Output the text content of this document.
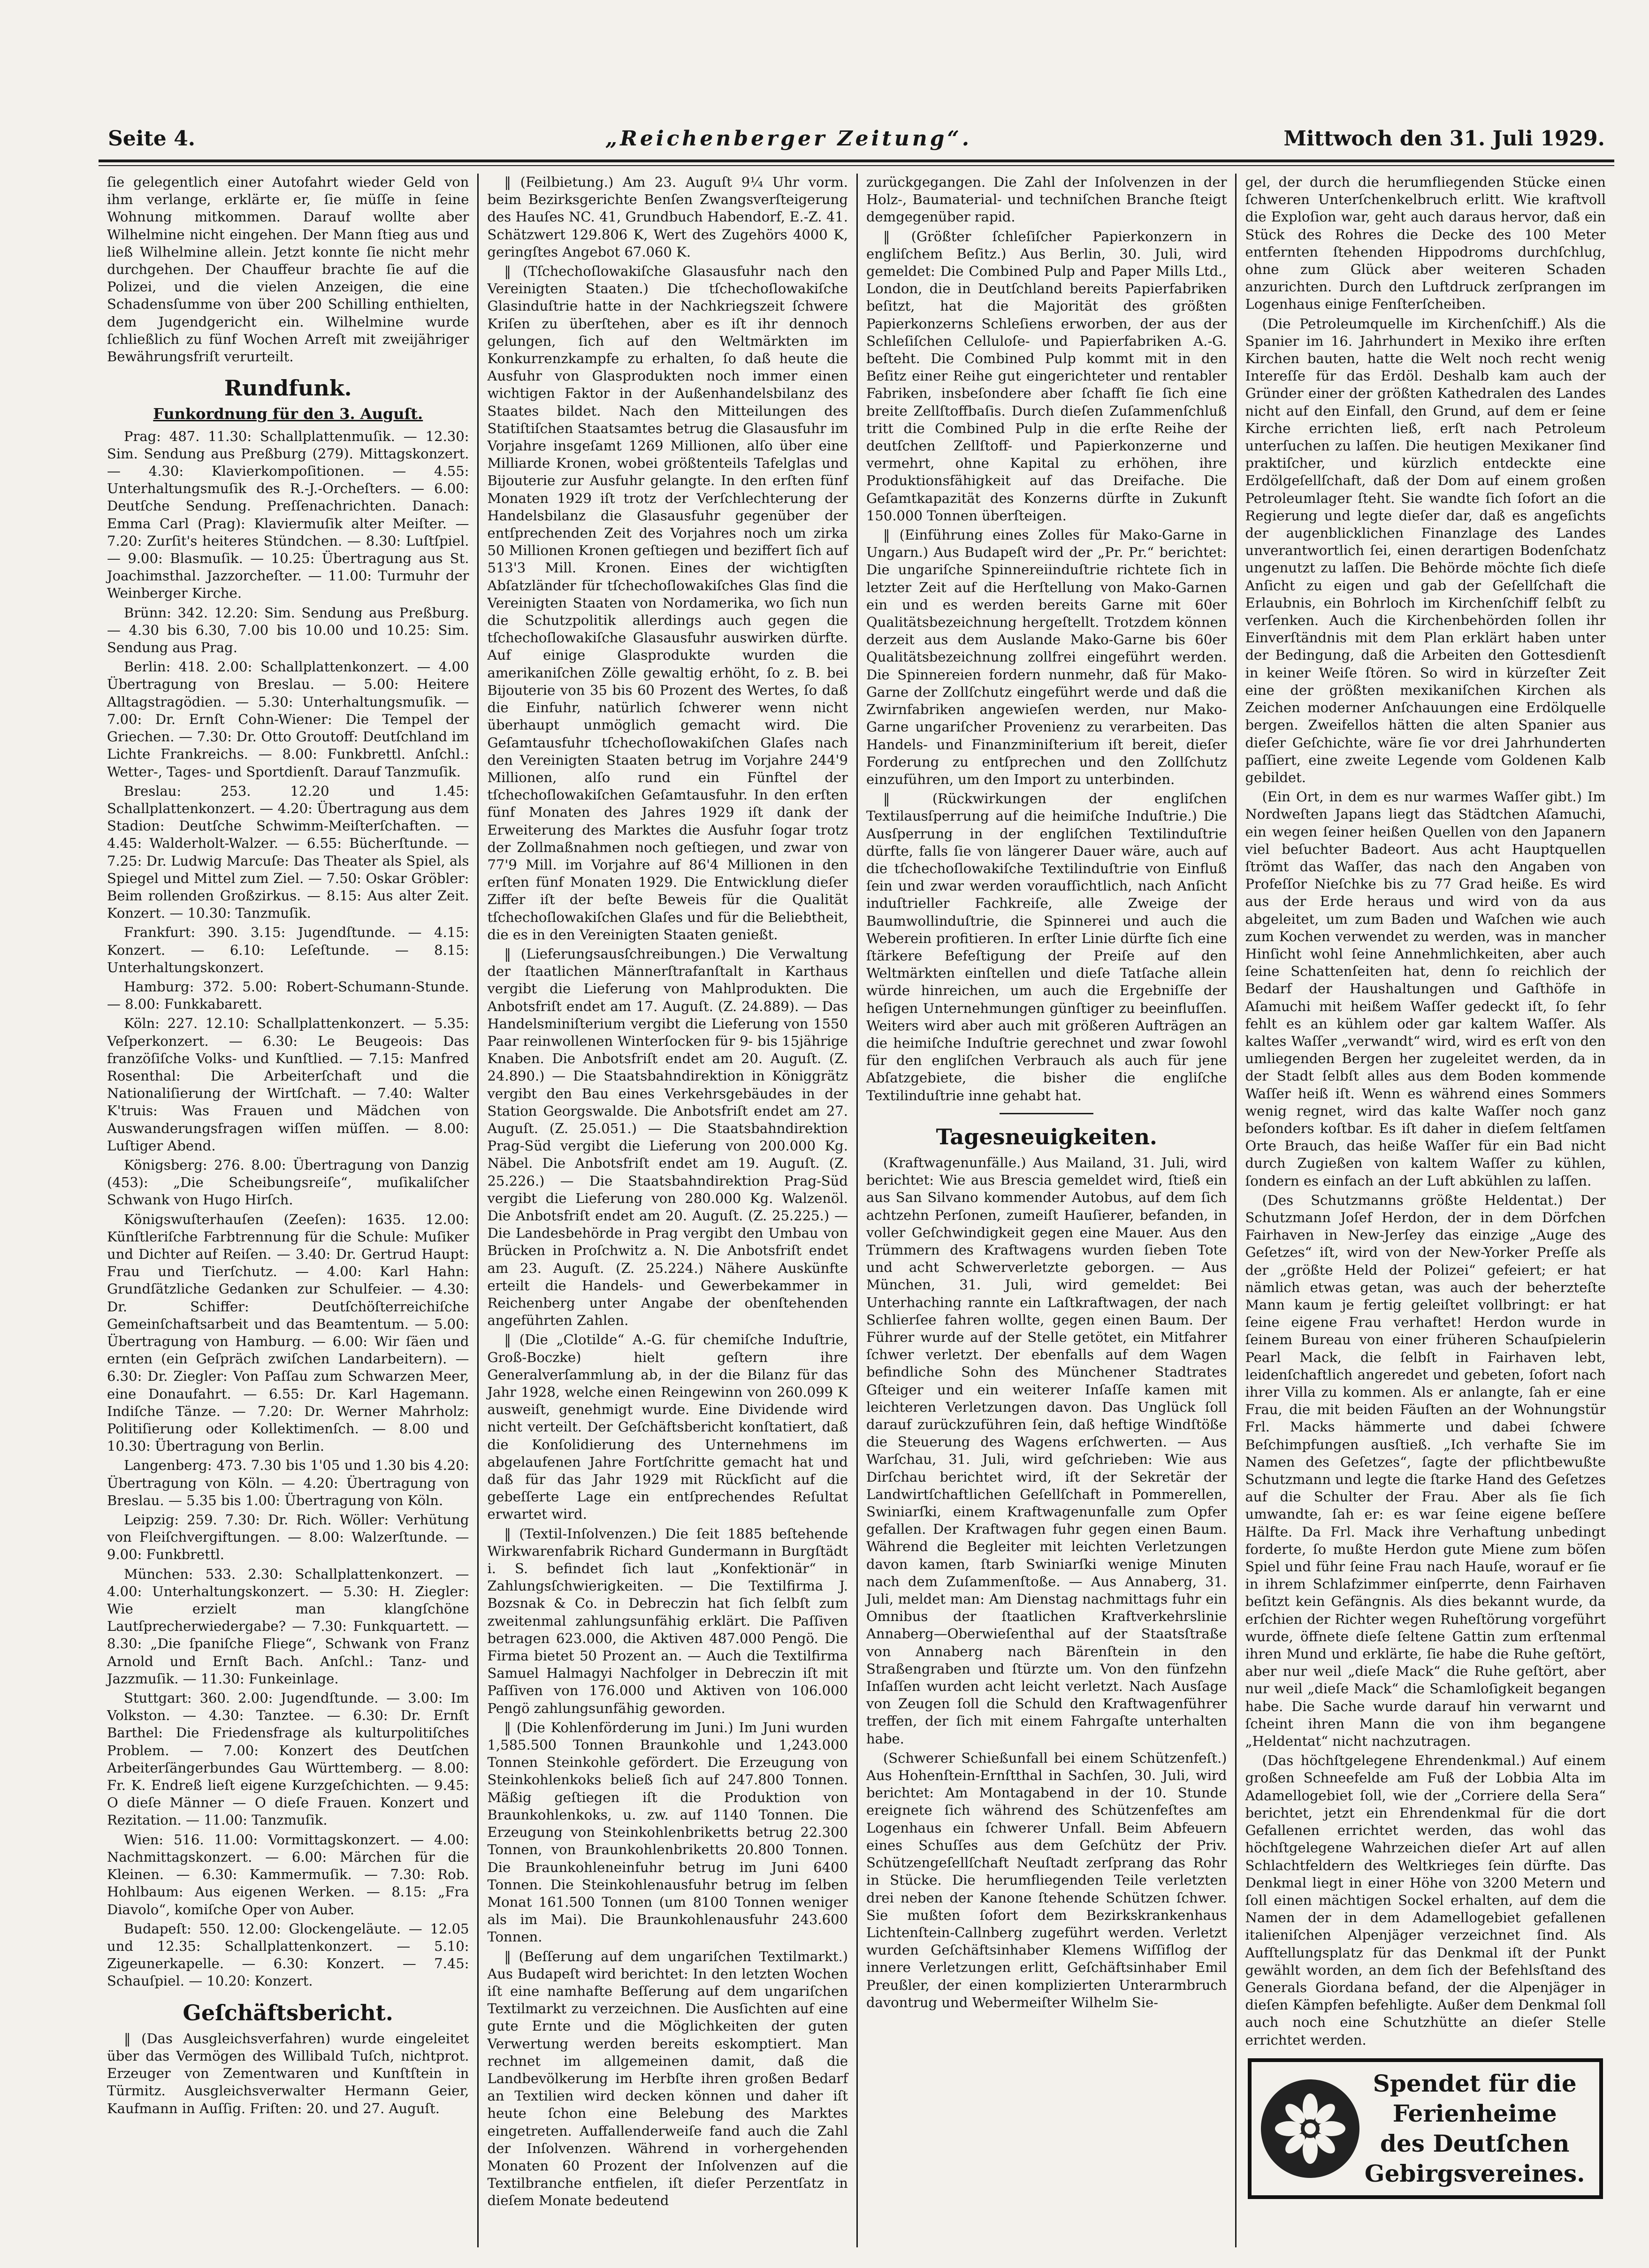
Seite 4.	„Reichenberger Zeitung“.	Mittwoch den 31. Juli 1929.

ſie gelegentlich einer Autofahrt wieder Geld von ihm verlange, erklärte er, ſie müſſe in ſeine Wohnung mitkommen. Darauf wollte aber Wilhelmine nicht eingehen. Der Mann ſtieg aus und ließ Wilhelmine allein. Jetzt konnte ſie nicht mehr durchgehen. Der Chauffeur brachte ſie auf die Polizei, und die vielen Anzeigen, die eine Schadensſumme von über 200 Schilling enthielten, dem Jugendgericht ein. Wilhelmine wurde ſchließlich zu fünf Wochen Arreſt mit zweijähriger Bewährungsfriſt verurteilt.

Rundfunk.
Funkordnung für den 3. Auguſt.

Prag: 487. 11.30: Schallplattenmuſik. — 12.30: Sim. Sendung aus Preßburg (279). Mittagskonzert. — 4.30: Klavierkompoſitionen. — 4.55: Unterhaltungsmuſik des R.-J.-Orcheſters. — 6.00: Deutſche Sendung. Preſſenachrichten. Danach: Emma Carl (Prag): Klaviermuſik alter Meiſter. — 7.20: Zurſit's heiteres Stündchen. — 8.30: Luſtſpiel. — 9.00: Blasmuſik. — 10.25: Übertragung aus St. Joachimsthal. Jazzorcheſter. — 11.00: Turmuhr der Weinberger Kirche.

Brünn: 342. 12.20: Sim. Sendung aus Preßburg. — 4.30 bis 6.30, 7.00 bis 10.00 und 10.25: Sim. Sendung aus Prag.

Berlin: 418. 2.00: Schallplattenkonzert. — 4.00 Übertragung von Breslau. — 5.00: Heitere Alltagstragödien. — 5.30: Unterhaltungsmuſik. — 7.00: Dr. Ernſt Cohn-Wiener: Die Tempel der Griechen. — 7.30: Dr. Otto Groutoff: Deutſchland im Lichte Frankreichs. — 8.00: Funkbrettl. Anſchl.: Wetter-, Tages- und Sportdienſt. Darauf Tanzmuſik.

Breslau: 253. 12.20 und 1.45: Schallplattenkonzert. — 4.20: Übertragung aus dem Stadion: Deutſche Schwimm-Meiſterſchaften. — 4.45: Walderholt-Walzer. — 6.55: Bücherſtunde. — 7.25: Dr. Ludwig Marcuſe: Das Theater als Spiel, als Spiegel und Mittel zum Ziel. — 7.50: Oskar Gröbler: Beim rollenden Großzirkus. — 8.15: Aus alter Zeit. Konzert. — 10.30: Tanzmuſik.

Frankfurt: 390. 3.15: Jugendſtunde. — 4.15: Konzert. — 6.10: Leſeſtunde. — 8.15: Unterhaltungskonzert.

Hamburg: 372. 5.00: Robert-Schumann-Stunde. — 8.00: Funkkabarett.

Köln: 227. 12.10: Schallplattenkonzert. — 5.35: Veſperkonzert. — 6.30: Le Beugeois: Das franzöſiſche Volks- und Kunſtlied. — 7.15: Manfred Rosenthal: Die Arbeiterſchaft und die Nationaliſierung der Wirtſchaft. — 7.40: Walter K'truis: Was Frauen und Mädchen von Auswanderungsfragen wiſſen müſſen. — 8.00: Luſtiger Abend.

Königsberg: 276. 8.00: Übertragung von Danzig (453): „Die Scheibungsreiſe“, muſikaliſcher Schwank von Hugo Hirſch.

Königswuſterhauſen (Zeeſen): 1635. 12.00: Künſtleriſche Farbtrennung für die Schule: Muſiker und Dichter auf Reiſen. — 3.40: Dr. Gertrud Haupt: Frau und Tierſchutz. — 4.00: Karl Hahn: Grundſätzliche Gedanken zur Schulfeier. — 4.30: Dr. Schiffer: Deutſchöſterreichiſche Gemeinſchaftsarbeit und das Beamtentum. — 5.00: Übertragung von Hamburg. — 6.00: Wir ſäen und ernten (ein Geſpräch zwiſchen Landarbeitern). — 6.30: Dr. Ziegler: Von Paſſau zum Schwarzen Meer, eine Donaufahrt. — 6.55: Dr. Karl Hagemann. Indiſche Tänze. — 7.20: Dr. Werner Mahrholz: Politiſierung oder Kollektimenſch. — 8.00 und 10.30: Übertragung von Berlin.

Langenberg: 473. 7.30 bis 1'05 und 1.30 bis 4.20: Übertragung von Köln. — 4.20: Übertragung von Breslau. — 5.35 bis 1.00: Übertragung von Köln.

Leipzig: 259. 7.30: Dr. Rich. Wöller: Verhütung von Fleiſchvergiftungen. — 8.00: Walzerſtunde. — 9.00: Funkbrettl.

München: 533. 2.30: Schallplattenkonzert. — 4.00: Unterhaltungskonzert. — 5.30: H. Ziegler: Wie erzielt man klangſchöne Lautſprecherwiedergabe? — 7.30: Funkquartett. — 8.30: „Die ſpaniſche Fliege“, Schwank von Franz Arnold und Ernſt Bach. Anſchl.: Tanz- und Jazzmuſik. — 11.30: Funkeinlage.

Stuttgart: 360. 2.00: Jugendſtunde. — 3.00: Im Volkston. — 4.30: Tanztee. — 6.30: Dr. Ernſt Barthel: Die Friedensfrage als kulturpolitiſches Problem. — 7.00: Konzert des Deutſchen Arbeiterſängerbundes Gau Württemberg. — 8.00: Fr. K. Endreß lieſt eigene Kurzgeſchichten. — 9.45: O dieſe Männer — O dieſe Frauen. Konzert und Rezitation. — 11.00: Tanzmuſik.

Wien: 516. 11.00: Vormittagskonzert. — 4.00: Nachmittagskonzert. — 6.00: Märchen für die Kleinen. — 6.30: Kammermuſik. — 7.30: Rob. Hohlbaum: Aus eigenen Werken. — 8.15: „Fra Diavolo“, komiſche Oper von Auber.

Budapeſt: 550. 12.00: Glockengeläute. — 12.05 und 12.35: Schallplattenkonzert. — 5.10: Zigeunerkapelle. — 6.30: Konzert. — 7.45: Schauſpiel. — 10.20: Konzert.

Geſchäftsbericht.

‖ (Das Ausgleichsverfahren) wurde eingeleitet über das Vermögen des Willibald Tuſch, nichtprot. Erzeuger von Zementwaren und Kunſtſtein in Türmitz. Ausgleichsverwalter Hermann Geier, Kaufmann in Auſſig. Friſten: 20. und 27. Auguſt.

‖ (Feilbietung.) Am 23. Auguſt 9¼ Uhr vorm. beim Bezirksgerichte Benſen Zwangsverſteigerung des Hauſes NC. 41, Grundbuch Habendorf, E.-Z. 41. Schätzwert 129.806 K, Wert des Zugehörs 4000 K, geringſtes Angebot 67.060 K.

‖ (Tſchechoſlowakiſche Glasausfuhr nach den Vereinigten Staaten.) Die tſchechoſlowakiſche Glasinduſtrie hatte in der Nachkriegszeit ſchwere Kriſen zu überſtehen, aber es iſt ihr dennoch gelungen, ſich auf den Weltmärkten im Konkurrenzkampfe zu erhalten, ſo daß heute die Ausfuhr von Glasprodukten noch immer einen wichtigen Faktor in der Außenhandelsbilanz des Staates bildet. Nach den Mitteilungen des Statiſtiſchen Staatsamtes betrug die Glasausfuhr im Vorjahre insgeſamt 1269 Millionen, alſo über eine Milliarde Kronen, wobei größtenteils Tafelglas und Bijouterie zur Ausfuhr gelangte. In den erſten fünf Monaten 1929 iſt trotz der Verſchlechterung der Handelsbilanz die Glasausfuhr gegenüber der entſprechenden Zeit des Vorjahres noch um zirka 50 Millionen Kronen geſtiegen und beziffert ſich auf 513'3 Mill. Kronen. Eines der wichtigſten Abſatzländer für tſchechoſlowakiſches Glas ſind die Vereinigten Staaten von Nordamerika, wo ſich nun die Schutzpolitik allerdings auch gegen die tſchechoſlowakiſche Glasausfuhr auswirken dürfte. Auf einige Glasprodukte wurden die amerikaniſchen Zölle gewaltig erhöht, ſo z. B. bei Bijouterie von 35 bis 60 Prozent des Wertes, ſo daß die Einfuhr, natürlich ſchwerer wenn nicht überhaupt unmöglich gemacht wird. Die Geſamtausfuhr tſchechoſlowakiſchen Glaſes nach den Vereinigten Staaten betrug im Vorjahre 244'9 Millionen, alſo rund ein Fünftel der tſchechoſlowakiſchen Geſamtausfuhr. In den erſten fünf Monaten des Jahres 1929 iſt dank der Erweiterung des Marktes die Ausfuhr ſogar trotz der Zollmaßnahmen noch geſtiegen, und zwar von 77'9 Mill. im Vorjahre auf 86'4 Millionen in den erſten fünf Monaten 1929. Die Entwicklung dieſer Ziffer iſt der beſte Beweis für die Qualität tſchechoſlowakiſchen Glaſes und für die Beliebtheit, die es in den Vereinigten Staaten genießt.

‖ (Lieferungsausſchreibungen.) Die Verwaltung der ſtaatlichen Männerſtrafanſtalt in Karthaus vergibt die Lieferung von Mahlprodukten. Die Anbotsfriſt endet am 17. Auguſt. (Z. 24.889). — Das Handelsminiſterium vergibt die Lieferung von 1550 Paar reinwollenen Winterſocken für 9- bis 15jährige Knaben. Die Anbotsfriſt endet am 20. Auguſt. (Z. 24.890.) — Die Staatsbahndirektion in Königgrätz vergibt den Bau eines Verkehrsgebäudes in der Station Georgswalde. Die Anbotsfriſt endet am 27. Auguſt. (Z. 25.051.) — Die Staatsbahndirektion Prag-Süd vergibt die Lieferung von 200.000 Kg. Näbel. Die Anbotsfriſt endet am 19. Auguſt. (Z. 25.226.) — Die Staatsbahndirektion Prag-Süd vergibt die Lieferung von 280.000 Kg. Walzenöl. Die Anbotsfriſt endet am 20. Auguſt. (Z. 25.225.) — Die Landesbehörde in Prag vergibt den Umbau von Brücken in Proſchwitz a. N. Die Anbotsfriſt endet am 23. Auguſt. (Z. 25.224.) Nähere Auskünfte erteilt die Handels- und Gewerbekammer in Reichenberg unter Angabe der obenſtehenden angeführten Zahlen.

‖ (Die „Clotilde“ A.-G. für chemiſche Induſtrie, Groß-Boczke) hielt geſtern ihre Generalverſammlung ab, in der die Bilanz für das Jahr 1928, welche einen Reingewinn von 260.099 K ausweiſt, genehmigt wurde. Eine Dividende wird nicht verteilt. Der Geſchäftsbericht konſtatiert, daß die Konſolidierung des Unternehmens im abgelaufenen Jahre Fortſchritte gemacht hat und daß für das Jahr 1929 mit Rückſicht auf die gebeſſerte Lage ein entſprechendes Reſultat erwartet wird.

‖ (Textil-Inſolvenzen.) Die ſeit 1885 beſtehende Wirkwarenfabrik Richard Gundermann in Burgſtädt i. S. befindet ſich laut „Konfektionär“ in Zahlungsſchwierigkeiten. — Die Textilfirma J. Bozsnak & Co. in Debreczin hat ſich ſelbſt zum zweitenmal zahlungsunfähig erklärt. Die Paſſiven betragen 623.000, die Aktiven 487.000 Pengö. Die Firma bietet 50 Prozent an. — Auch die Textilfirma Samuel Halmagyi Nachfolger in Debreczin iſt mit Paſſiven von 176.000 und Aktiven von 106.000 Pengö zahlungsunfähig geworden.

‖ (Die Kohlenförderung im Juni.) Im Juni wurden 1,585.500 Tonnen Braunkohle und 1,243.000 Tonnen Steinkohle gefördert. Die Erzeugung von Steinkohlenkoks beließ ſich auf 247.800 Tonnen. Mäßig geſtiegen iſt die Produktion von Braunkohlenkoks, u. zw. auf 1140 Tonnen. Die Erzeugung von Steinkohlenbriketts betrug 22.300 Tonnen, von Braunkohlenbriketts 20.800 Tonnen. Die Braunkohleneinfuhr betrug im Juni 6400 Tonnen. Die Steinkohlenausfuhr betrug im ſelben Monat 161.500 Tonnen (um 8100 Tonnen weniger als im Mai). Die Braunkohlenausfuhr 243.600 Tonnen.

‖ (Beſſerung auf dem ungariſchen Textilmarkt.) Aus Budapeſt wird berichtet: In den letzten Wochen iſt eine namhafte Beſſerung auf dem ungariſchen Textilmarkt zu verzeichnen. Die Ausſichten auf eine gute Ernte und die Möglichkeiten der guten Verwertung werden bereits eskomptiert. Man rechnet im allgemeinen damit, daß die Landbevölkerung im Herbſte ihren großen Bedarf an Textilien wird decken können und daher iſt heute ſchon eine Belebung des Marktes eingetreten. Auffallenderweiſe fand auch die Zahl der Inſolvenzen. Während in vorhergehenden Monaten 60 Prozent der Inſolvenzen auf die Textilbranche entfielen, iſt dieſer Perzentſatz in dieſem Monate bedeutend

zurückgegangen. Die Zahl der Inſolvenzen in der Holz-, Baumaterial- und techniſchen Branche ſteigt demgegenüber rapid.

‖ (Größter ſchleſiſcher Papierkonzern in engliſchem Beſitz.) Aus Berlin, 30. Juli, wird gemeldet: Die Combined Pulp and Paper Mills Ltd., London, die in Deutſchland bereits Papierfabriken beſitzt, hat die Majorität des größten Papierkonzerns Schleſiens erworben, der aus der Schleſiſchen Celluloſe- und Papierfabriken A.-G. beſteht. Die Combined Pulp kommt mit in den Beſitz einer Reihe gut eingerichteter und rentabler Fabriken, insbeſondere aber ſchafft ſie ſich eine breite Zellſtoffbaſis. Durch dieſen Zuſammenſchluß tritt die Combined Pulp in die erſte Reihe der deutſchen Zellſtoff- und Papierkonzerne und vermehrt, ohne Kapital zu erhöhen, ihre Produktionsfähigkeit auf das Dreifache. Die Geſamtkapazität des Konzerns dürfte in Zukunft 150.000 Tonnen überſteigen.

‖ (Einführung eines Zolles für Mako-Garne in Ungarn.) Aus Budapeſt wird der „Pr. Pr.“ berichtet: Die ungariſche Spinnereiinduſtrie richtete ſich in letzter Zeit auf die Herſtellung von Mako-Garnen ein und es werden bereits Garne mit 60er Qualitätsbezeichnung hergeſtellt. Trotzdem können derzeit aus dem Auslande Mako-Garne bis 60er Qualitätsbezeichnung zollfrei eingeführt werden. Die Spinnereien fordern nunmehr, daß für Mako-Garne der Zollſchutz eingeführt werde und daß die Zwirnfabriken angewieſen werden, nur Mako-Garne ungariſcher Provenienz zu verarbeiten. Das Handels- und Finanzminiſterium iſt bereit, dieſer Forderung zu entſprechen und den Zollſchutz einzuführen, um den Import zu unterbinden.

‖ (Rückwirkungen der engliſchen Textilausſperrung auf die heimiſche Induſtrie.) Die Ausſperrung in der engliſchen Textilinduſtrie dürfte, falls ſie von längerer Dauer wäre, auch auf die tſchechoſlowakiſche Textilinduſtrie von Einfluß ſein und zwar werden voraufſichtlich, nach Anſicht induſtrieller Fachkreiſe, alle Zweige der Baumwollinduſtrie, die Spinnerei und auch die Weberein profitieren. In erſter Linie dürfte ſich eine ſtärkere Befeſtigung der Preiſe auf den Weltmärkten einſtellen und dieſe Tatſache allein würde hinreichen, um auch die Ergebniſſe der heſigen Unternehmungen günſtiger zu beeinfluſſen. Weiters wird aber auch mit größeren Aufträgen an die heimiſche Induſtrie gerechnet und zwar ſowohl für den engliſchen Verbrauch als auch für jene Abſatzgebiete, die bisher die engliſche Textilinduſtrie inne gehabt hat.

Tagesneuigkeiten.

(Kraftwagenunfälle.) Aus Mailand, 31. Juli, wird berichtet: Wie aus Brescia gemeldet wird, ſtieß ein aus San Silvano kommender Autobus, auf dem ſich achtzehn Perſonen, zumeiſt Hauſierer, befanden, in voller Geſchwindigkeit gegen eine Mauer. Aus den Trümmern des Kraftwagens wurden ſieben Tote und acht Schwerverletzte geborgen. — Aus München, 31. Juli, wird gemeldet: Bei Unterhaching rannte ein Laſtkraftwagen, der nach Schlierſee fahren wollte, gegen einen Baum. Der Führer wurde auf der Stelle getötet, ein Mitfahrer ſchwer verletzt. Der ebenfalls auf dem Wagen befindliche Sohn des Münchener Stadtrates Gſteiger und ein weiterer Inſaſſe kamen mit leichteren Verletzungen davon. Das Unglück ſoll darauf zurückzuführen ſein, daß heftige Windſtöße die Steuerung des Wagens erſchwerten. — Aus Warſchau, 31. Juli, wird geſchrieben: Wie aus Dirſchau berichtet wird, iſt der Sekretär der Landwirtſchaftlichen Geſellſchaft in Pommerellen, Swiniarſki, einem Kraftwagenunfalle zum Opfer gefallen. Der Kraftwagen fuhr gegen einen Baum. Während die Begleiter mit leichten Verletzungen davon kamen, ſtarb Swiniarſki wenige Minuten nach dem Zuſammenſtoße. — Aus Annaberg, 31. Juli, meldet man: Am Dienstag nachmittags fuhr ein Omnibus der ſtaatlichen Kraftverkehrslinie Annaberg—Oberwieſenthal auf der Staatsſtraße von Annaberg nach Bärenſtein in den Straßengraben und ſtürzte um. Von den fünfzehn Inſaſſen wurden acht leicht verletzt. Nach Ausſage von Zeugen ſoll die Schuld den Kraftwagenführer treffen, der ſich mit einem Fahrgaſte unterhalten habe.

(Schwerer Schießunfall bei einem Schützenfeſt.) Aus Hohenſtein-Ernſtthal in Sachſen, 30. Juli, wird berichtet: Am Montagabend in der 10. Stunde ereignete ſich während des Schützenfeſtes am Logenhaus ein ſchwerer Unfall. Beim Abfeuern eines Schuſſes aus dem Geſchütz der Priv. Schützengeſellſchaft Neuſtadt zerſprang das Rohr in Stücke. Die herumfliegenden Teile verletzten drei neben der Kanone ſtehende Schützen ſchwer. Sie mußten ſofort dem Bezirkskrankenhaus Lichtenſtein-Callnberg zugeführt werden. Verletzt wurden Geſchäftsinhaber Klemens Wiſſiflog der innere Verletzungen erlitt, Geſchäftsinhaber Emil Preußler, der einen komplizierten Unterarmbruch davontrug und Webermeiſter Wilhelm Sie-

gel, der durch die herumfliegenden Stücke einen ſchweren Unterſchenkelbruch erlitt. Wie kraftvoll die Exploſion war, geht auch daraus hervor, daß ein Stück des Rohres die Decke des 100 Meter entfernten ſtehenden Hippodroms durchſchlug, ohne zum Glück aber weiteren Schaden anzurichten. Durch den Luftdruck zerſprangen im Logenhaus einige Fenſterſcheiben.

(Die Petroleumquelle im Kirchenſchiff.) Als die Spanier im 16. Jahrhundert in Mexiko ihre erſten Kirchen bauten, hatte die Welt noch recht wenig Intereſſe für das Erdöl. Deshalb kam auch der Gründer einer der größten Kathedralen des Landes nicht auf den Einfall, den Grund, auf dem er ſeine Kirche errichten ließ, erſt nach Petroleum unterſuchen zu laſſen. Die heutigen Mexikaner ſind praktiſcher, und kürzlich entdeckte eine Erdölgeſellſchaft, daß der Dom auf einem großen Petroleumlager ſteht. Sie wandte ſich ſofort an die Regierung und legte dieſer dar, daß es angeſichts der augenblicklichen Finanzlage des Landes unverantwortlich ſei, einen derartigen Bodenſchatz ungenutzt zu laſſen. Die Behörde möchte ſich dieſe Anſicht zu eigen und gab der Geſellſchaft die Erlaubnis, ein Bohrloch im Kirchenſchiff ſelbſt zu verſenken. Auch die Kirchenbehörden ſollen ihr Einverſtändnis mit dem Plan erklärt haben unter der Bedingung, daß die Arbeiten den Gottesdienſt in keiner Weiſe ſtören. So wird in kürzeſter Zeit eine der größten mexikaniſchen Kirchen als Zeichen moderner Anſchauungen eine Erdölquelle bergen. Zweifellos hätten die alten Spanier aus dieſer Geſchichte, wäre ſie vor drei Jahrhunderten paſſiert, eine zweite Legende vom Goldenen Kalb gebildet.

(Ein Ort, in dem es nur warmes Waſſer gibt.) Im Nordweſten Japans liegt das Städtchen Aſamuchi, ein wegen ſeiner heißen Quellen von den Japanern viel beſuchter Badeort. Aus acht Hauptquellen ſtrömt das Waſſer, das nach den Angaben von Profeſſor Nieſchke bis zu 77 Grad heiße. Es wird aus der Erde heraus und wird von da aus abgeleitet, um zum Baden und Waſchen wie auch zum Kochen verwendet zu werden, was in mancher Hinſicht wohl ſeine Annehmlichkeiten, aber auch ſeine Schattenſeiten hat, denn ſo reichlich der Bedarf der Haushaltungen und Gaſthöfe in Aſamuchi mit heißem Waſſer gedeckt iſt, ſo ſehr fehlt es an kühlem oder gar kaltem Waſſer. Als kaltes Waſſer „verwandt“ wird, wird es erſt von den umliegenden Bergen her zugeleitet werden, da in der Stadt ſelbſt alles aus dem Boden kommende Waſſer heiß iſt. Wenn es während eines Sommers wenig regnet, wird das kalte Waſſer noch ganz beſonders koſtbar. Es iſt daher in dieſem ſeltſamen Orte Brauch, das heiße Waſſer für ein Bad nicht durch Zugießen von kaltem Waſſer zu kühlen, ſondern es einfach an der Luft abkühlen zu laſſen.

(Des Schutzmanns größte Heldentat.) Der Schutzmann Joſef Herdon, der in dem Dörfchen Fairhaven in New-Jerſey das einzige „Auge des Geſetzes“ iſt, wird von der New-Yorker Preſſe als der „größte Held der Polizei“ gefeiert; er hat nämlich etwas getan, was auch der beherzteſte Mann kaum je fertig geleiſtet vollbringt: er hat ſeine eigene Frau verhaftet! Herdon wurde in ſeinem Bureau von einer früheren Schauſpielerin Pearl Mack, die ſelbſt in Fairhaven lebt, leidenſchaftlich angeredet und gebeten, ſofort nach ihrer Villa zu kommen. Als er anlangte, ſah er eine Frau, die mit beiden Fäuſten an der Wohnungstür Frl. Macks hämmerte und dabei ſchwere Beſchimpfungen ausſtieß. „Ich verhafte Sie im Namen des Geſetzes“, ſagte der pflichtbewußte Schutzmann und legte die ſtarke Hand des Geſetzes auf die Schulter der Frau. Aber als ſie ſich umwandte, ſah er: es war ſeine eigene beſſere Hälfte. Da Frl. Mack ihre Verhaftung unbedingt forderte, ſo mußte Herdon gute Miene zum böſen Spiel und führ ſeine Frau nach Hauſe, worauf er ſie in ihrem Schlafzimmer einſperrte, denn Fairhaven beſitzt kein Gefängnis. Als dies bekannt wurde, da erſchien der Richter wegen Ruheſtörung vorgeführt wurde, öffnete dieſe ſeltene Gattin zum erſtenmal ihren Mund und erklärte, ſie habe die Ruhe geſtört, aber nur weil „dieſe Mack“ die Ruhe geſtört, aber nur weil „dieſe Mack“ die Schamloſigkeit begangen habe. Die Sache wurde darauf hin verwarnt und ſcheint ihren Mann die von ihm begangene „Heldentat“ nicht nachzutragen.

(Das höchſtgelegene Ehrendenkmal.) Auf einem großen Schneefelde am Fuß der Lobbia Alta im Adamellogebiet ſoll, wie der „Corriere della Sera“ berichtet, jetzt ein Ehrendenkmal für die dort Gefallenen errichtet werden, das wohl das höchſtgelegene Wahrzeichen dieſer Art auf allen Schlachtfeldern des Weltkrieges ſein dürfte. Das Denkmal liegt in einer Höhe von 3200 Metern und ſoll einen mächtigen Sockel erhalten, auf dem die Namen der in dem Adamellogebiet gefallenen italieniſchen Alpenjäger verzeichnet ſind. Als Aufſtellungsplatz für das Denkmal iſt der Punkt gewählt worden, an dem ſich der Befehlsſtand des Generals Giordana befand, der die Alpenjäger in dieſen Kämpfen befehligte. Außer dem Denkmal ſoll auch noch eine Schutzhütte an dieſer Stelle errichtet werden.

Spendet für die
Ferienheime
des Deutſchen
Gebirgsvereines.
